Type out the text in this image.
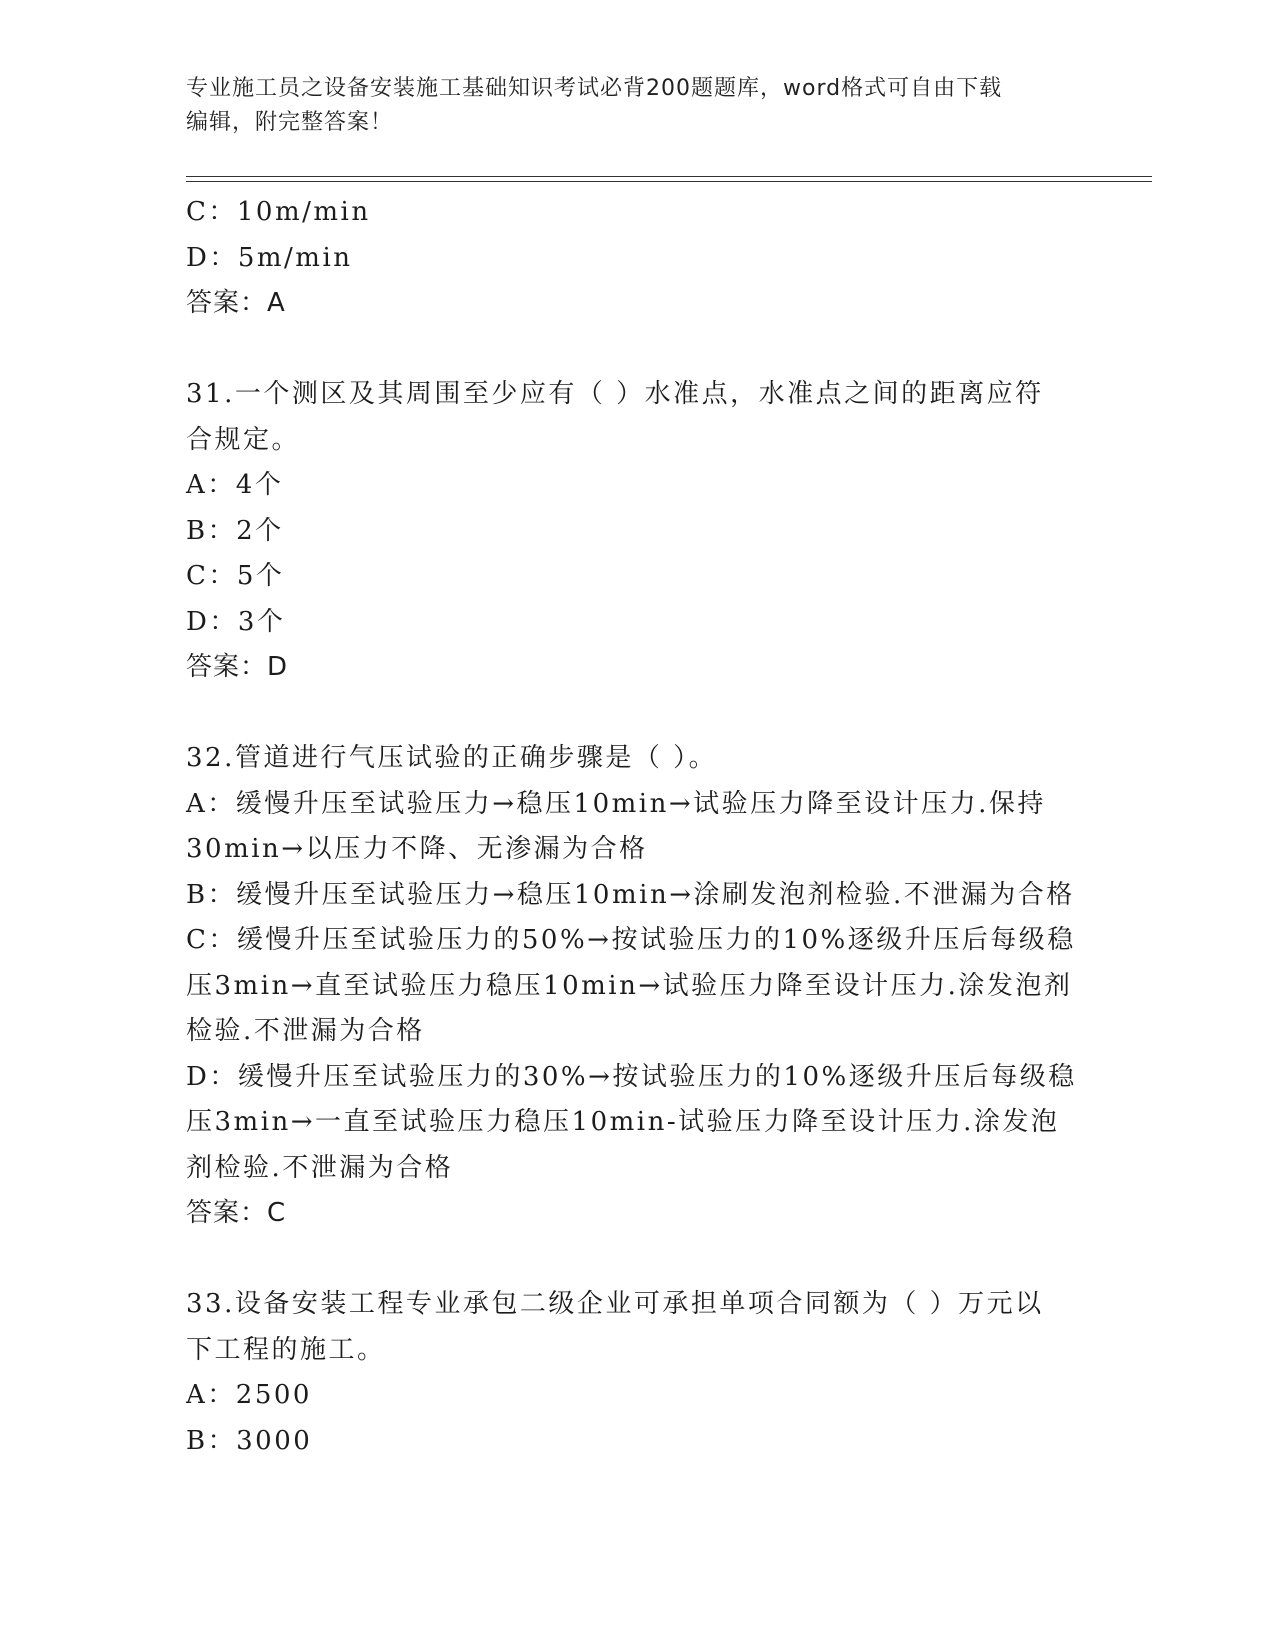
专业施工员之设备安装施工基础知识考试必背200题题库，word格式可自由下载
编辑，附完整答案！
C：10m/min
D：5m/min
答案：A
31.一个测区及其周围至少应有（ ）水准点，水准点之间的距离应符
合规定。
A：4个
B：2个
C：5个
D：3个
答案：D
32.管道进行气压试验的正确步骤是（ ）。
A：缓慢升压至试验压力→稳压10min→试验压力降至设计压力.保持
30min→以压力不降、无渗漏为合格
B：缓慢升压至试验压力→稳压10min→涂刷发泡剂检验.不泄漏为合格
C：缓慢升压至试验压力的50%→按试验压力的10%逐级升压后每级稳
压3min→直至试验压力稳压10min→试验压力降至设计压力.涂发泡剂
检验.不泄漏为合格
D：缓慢升压至试验压力的30%→按试验压力的10%逐级升压后每级稳
压3min→一直至试验压力稳压10min-试验压力降至设计压力.涂发泡
剂检验.不泄漏为合格
答案：C
33.设备安装工程专业承包二级企业可承担单项合同额为（ ）万元以
下工程的施工。
A：2500
B：3000
